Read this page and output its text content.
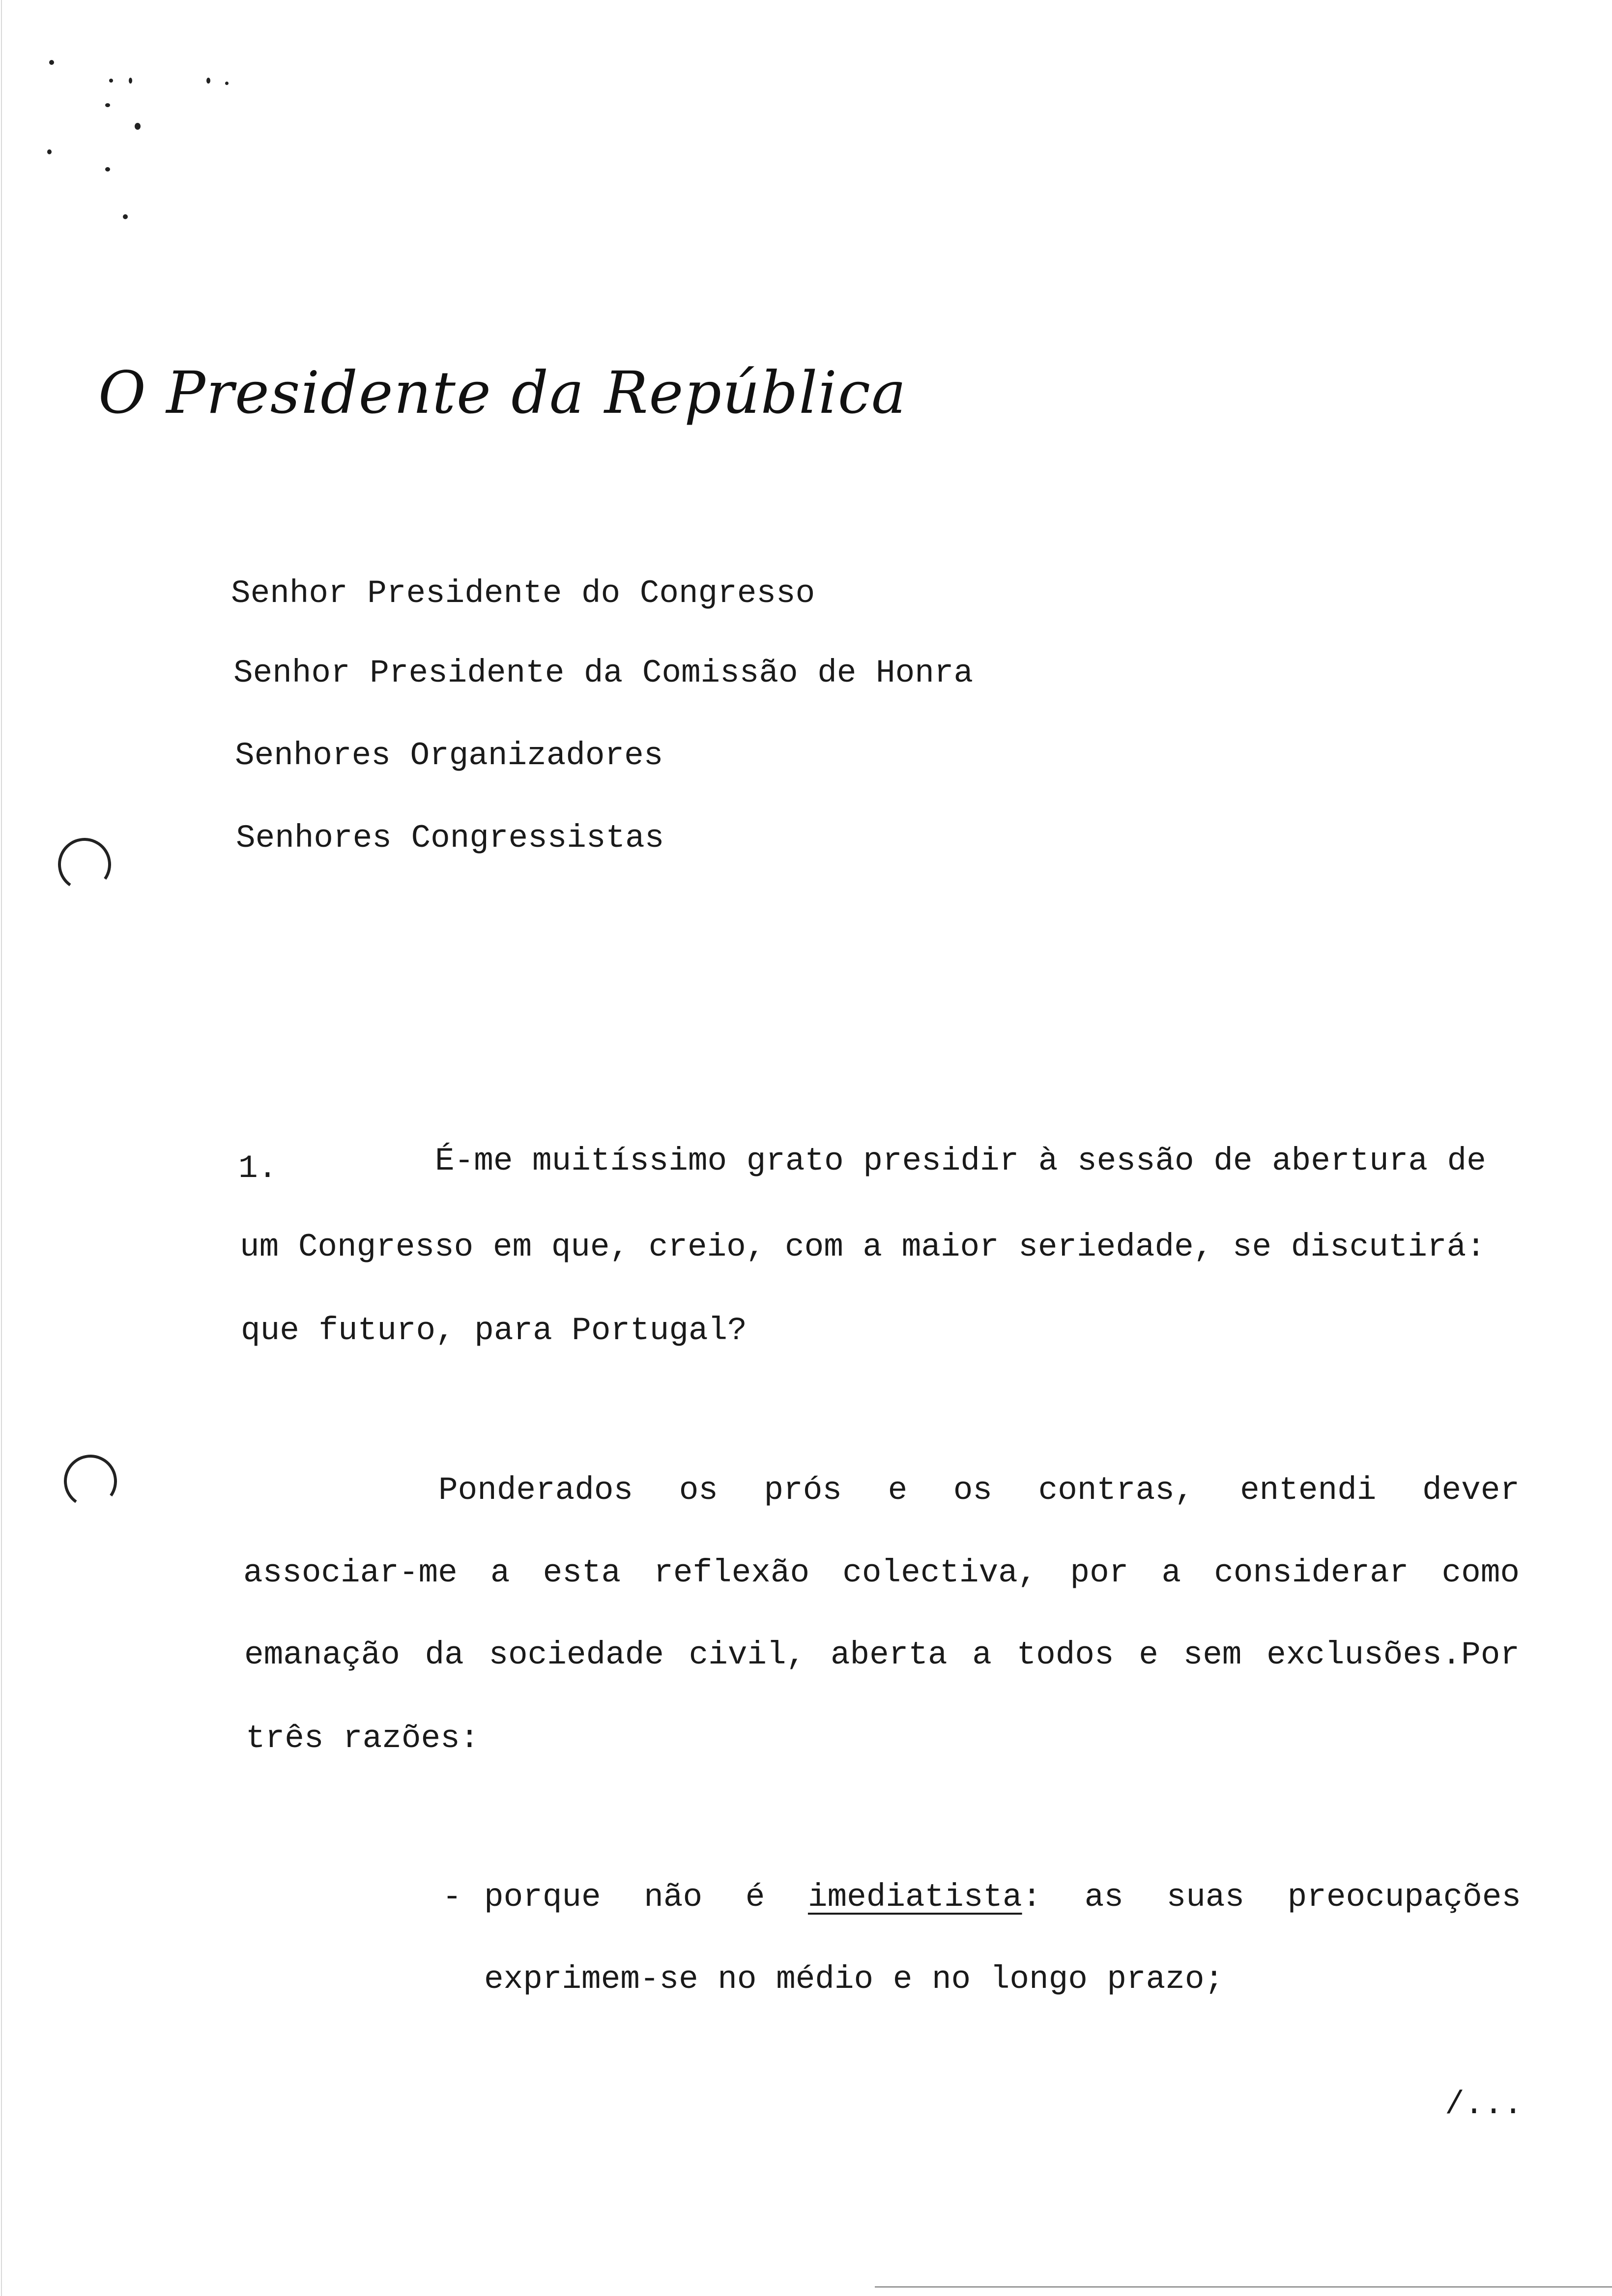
O Presidente da República
Senhor Presidente do Congresso
Senhor Presidente da Comissão de Honra
Senhores Organizadores
Senhores Congressistas
1.	É-me muitíssimo grato presidir à sessão de abertura de
um Congresso em que, creio, com a maior seriedade, se discutirá:
que futuro, para Portugal?
Ponderados os prós e os contras, entendi dever
associar-me a esta reflexão colectiva, por a considerar como
emanação da sociedade civil, aberta a todos e sem exclusões.Por
três razões:
- porque não é imediatista: as suas preocupações
exprimem-se no médio e no longo prazo;
/...
